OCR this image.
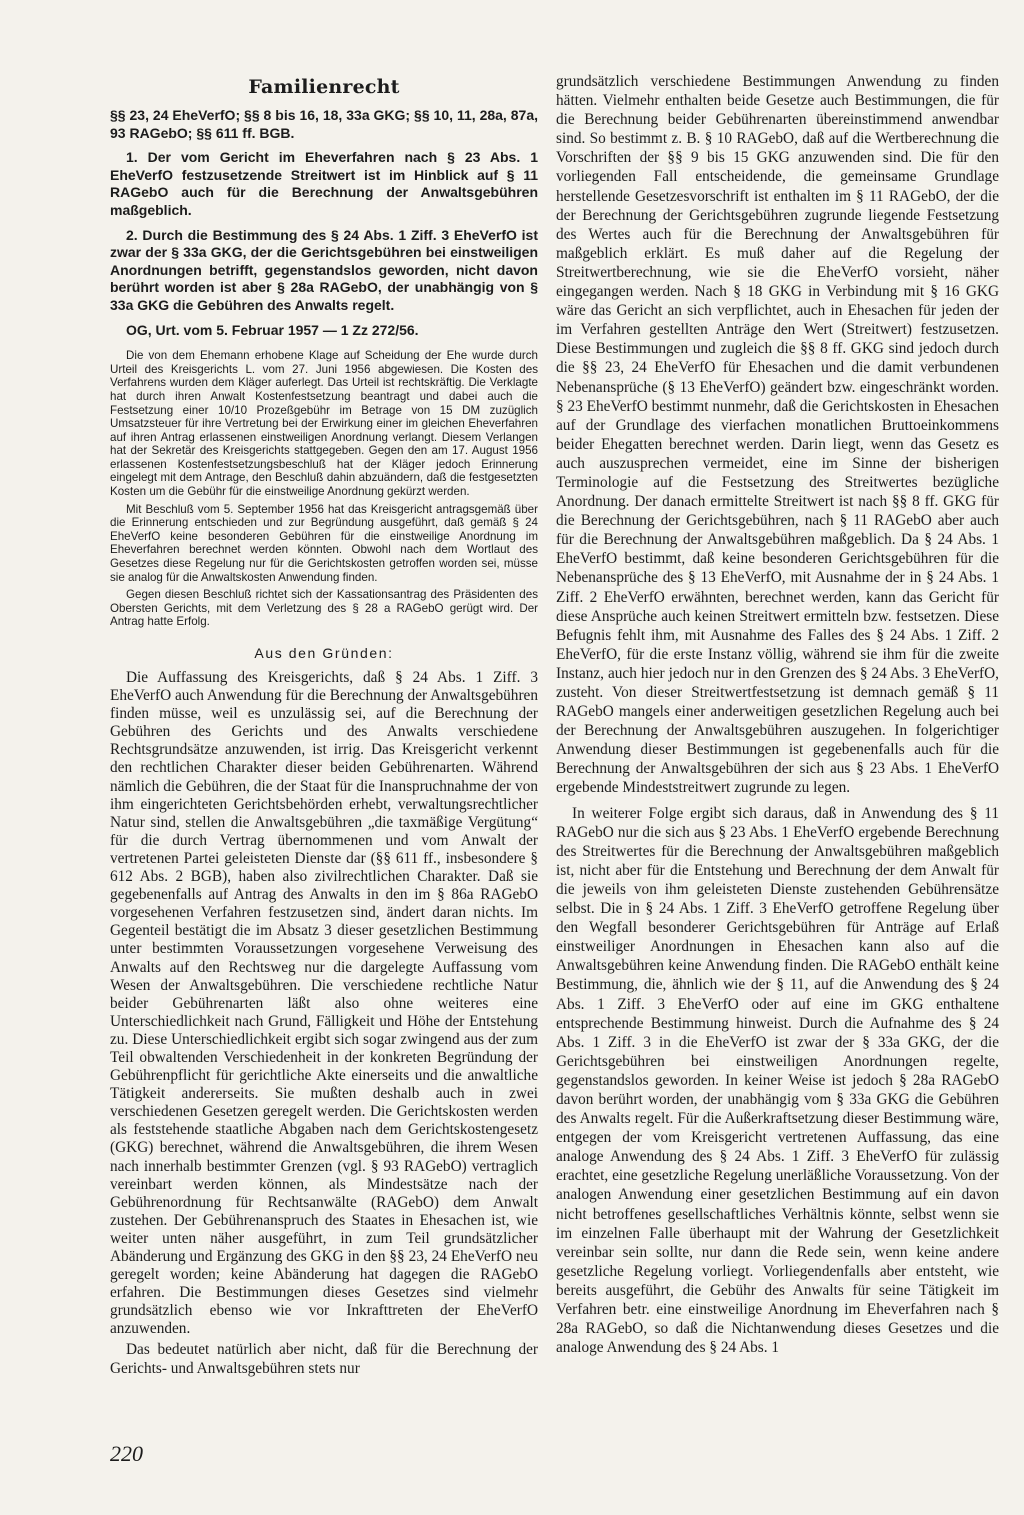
Familienrecht

§§ 23, 24 EheVerfO; §§ 8 bis 16, 18, 33a GKG; §§ 10, 11, 28a, 87a, 93 RAGebO; §§ 611 ff. BGB.

1. Der vom Gericht im Eheverfahren nach § 23 Abs. 1 EheVerfO festzusetzende Streitwert ist im Hinblick auf § 11 RAGebO auch für die Berechnung der Anwaltsgebühren maßgeblich.

2. Durch die Bestimmung des § 24 Abs. 1 Ziff. 3 EheVerfO ist zwar der § 33a GKG, der die Gerichtsgebühren bei einstweiligen Anordnungen betrifft, gegenstandslos geworden, nicht davon berührt worden ist aber § 28a RAGebO, der unabhängig von § 33a GKG die Gebühren des Anwalts regelt.

OG, Urt. vom 5. Februar 1957 — 1 Zz 272/56.

Die von dem Ehemann erhobene Klage auf Scheidung der Ehe wurde durch Urteil des Kreisgerichts L. vom 27. Juni 1956 abgewiesen. Die Kosten des Verfahrens wurden dem Kläger auferlegt. Das Urteil ist rechtskräftig. Die Verklagte hat durch ihren Anwalt Kostenfestsetzung beantragt und dabei auch die Festsetzung einer 10/10 Prozeßgebühr im Betrage von 15 DM zuzüglich Umsatzsteuer für ihre Vertretung bei der Erwirkung einer im gleichen Eheverfahren auf ihren Antrag erlassenen einstweiligen Anordnung verlangt. Diesem Verlangen hat der Sekretär des Kreisgerichts stattgegeben. Gegen den am 17. August 1956 erlassenen Kostenfestsetzungsbeschluß hat der Kläger jedoch Erinnerung eingelegt mit dem Antrage, den Beschluß dahin abzuändern, daß die festgesetzten Kosten um die Gebühr für die einstweilige Anordnung gekürzt werden.

Mit Beschluß vom 5. September 1956 hat das Kreisgericht antragsgemäß über die Erinnerung entschieden und zur Begründung ausgeführt, daß gemäß § 24 EheVerfO keine besonderen Gebühren für die einstweilige Anordnung im Eheverfahren berechnet werden könnten. Obwohl nach dem Wortlaut des Gesetzes diese Regelung nur für die Gerichtskosten getroffen worden sei, müsse sie analog für die Anwaltskosten Anwendung finden.

Gegen diesen Beschluß richtet sich der Kassationsantrag des Präsidenten des Obersten Gerichts, mit dem Verletzung des § 28 a RAGebO gerügt wird. Der Antrag hatte Erfolg.

Aus den Gründen:

Die Auffassung des Kreisgerichts, daß § 24 Abs. 1 Ziff. 3 EheVerfO auch Anwendung für die Berechnung der Anwaltsgebühren finden müsse, weil es unzulässig sei, auf die Berechnung der Gebühren des Gerichts und des Anwalts verschiedene Rechtsgrundsätze anzuwenden, ist irrig. Das Kreisgericht verkennt den rechtlichen Charakter dieser beiden Gebührenarten. Während nämlich die Gebühren, die der Staat für die Inanspruchnahme der von ihm eingerichteten Gerichtsbehörden erhebt, verwaltungsrechtlicher Natur sind, stellen die Anwaltsgebühren „die taxmäßige Vergütung“ für die durch Vertrag übernommenen und vom Anwalt der vertretenen Partei geleisteten Dienste dar (§§ 611 ff., insbesondere § 612 Abs. 2 BGB), haben also zivilrechtlichen Charakter. Daß sie gegebenenfalls auf Antrag des Anwalts in den im § 86a RAGebO vorgesehenen Verfahren festzusetzen sind, ändert daran nichts. Im Gegenteil bestätigt die im Absatz 3 dieser gesetzlichen Bestimmung unter bestimmten Voraussetzungen vorgesehene Verweisung des Anwalts auf den Rechtsweg nur die dargelegte Auffassung vom Wesen der Anwaltsgebühren. Die verschiedene rechtliche Natur beider Gebührenarten läßt also ohne weiteres eine Unterschiedlichkeit nach Grund, Fälligkeit und Höhe der Entstehung zu. Diese Unterschiedlichkeit ergibt sich sogar zwingend aus der zum Teil obwaltenden Verschiedenheit in der konkreten Begründung der Gebührenpflicht für gerichtliche Akte einerseits und die anwaltliche Tätigkeit andererseits. Sie mußten deshalb auch in zwei verschiedenen Gesetzen geregelt werden. Die Gerichtskosten werden als feststehende staatliche Abgaben nach dem Gerichtskostengesetz (GKG) berechnet, während die Anwaltsgebühren, die ihrem Wesen nach innerhalb bestimmter Grenzen (vgl. § 93 RAGebO) vertraglich vereinbart werden können, als Mindestsätze nach der Gebührenordnung für Rechtsanwälte (RAGebO) dem Anwalt zustehen. Der Gebührenanspruch des Staates in Ehesachen ist, wie weiter unten näher ausgeführt, in zum Teil grundsätzlicher Abänderung und Ergänzung des GKG in den §§ 23, 24 EheVerfO neu geregelt worden; keine Abänderung hat dagegen die RAGebO erfahren. Die Bestimmungen dieses Gesetzes sind vielmehr grundsätzlich ebenso wie vor Inkrafttreten der EheVerfO anzuwenden.

Das bedeutet natürlich aber nicht, daß für die Berechnung der Gerichts- und Anwaltsgebühren stets nur

grundsätzlich verschiedene Bestimmungen Anwendung zu finden hätten. Vielmehr enthalten beide Gesetze auch Bestimmungen, die für die Berechnung beider Gebührenarten übereinstimmend anwendbar sind. So bestimmt z. B. § 10 RAGebO, daß auf die Wertberechnung die Vorschriften der §§ 9 bis 15 GKG anzuwenden sind. Die für den vorliegenden Fall entscheidende, die gemeinsame Grundlage herstellende Gesetzesvorschrift ist enthalten im § 11 RAGebO, der die der Berechnung der Gerichtsgebühren zugrunde liegende Festsetzung des Wertes auch für die Berechnung der Anwaltsgebühren für maßgeblich erklärt. Es muß daher auf die Regelung der Streitwertberechnung, wie sie die EheVerfO vorsieht, näher eingegangen werden. Nach § 18 GKG in Verbindung mit § 16 GKG wäre das Gericht an sich verpflichtet, auch in Ehesachen für jeden der im Verfahren gestellten Anträge den Wert (Streitwert) festzusetzen. Diese Bestimmungen und zugleich die §§ 8 ff. GKG sind jedoch durch die §§ 23, 24 EheVerfO für Ehesachen und die damit verbundenen Nebenansprüche (§ 13 EheVerfO) geändert bzw. eingeschränkt worden. § 23 EheVerfO bestimmt nunmehr, daß die Gerichtskosten in Ehesachen auf der Grundlage des vierfachen monatlichen Bruttoeinkommens beider Ehegatten berechnet werden. Darin liegt, wenn das Gesetz es auch auszusprechen vermeidet, eine im Sinne der bisherigen Terminologie auf die Festsetzung des Streitwertes bezügliche Anordnung. Der danach ermittelte Streitwert ist nach §§ 8 ff. GKG für die Berechnung der Gerichtsgebühren, nach § 11 RAGebO aber auch für die Berechnung der Anwaltsgebühren maßgeblich. Da § 24 Abs. 1 EheVerfO bestimmt, daß keine besonderen Gerichtsgebühren für die Nebenansprüche des § 13 EheVerfO, mit Ausnahme der in § 24 Abs. 1 Ziff. 2 EheVerfO erwähnten, berechnet werden, kann das Gericht für diese Ansprüche auch keinen Streitwert ermitteln bzw. festsetzen. Diese Befugnis fehlt ihm, mit Ausnahme des Falles des § 24 Abs. 1 Ziff. 2 EheVerfO, für die erste Instanz völlig, während sie ihm für die zweite Instanz, auch hier jedoch nur in den Grenzen des § 24 Abs. 3 EheVerfO, zusteht. Von dieser Streitwertfestsetzung ist demnach gemäß § 11 RAGebO mangels einer anderweitigen gesetzlichen Regelung auch bei der Berechnung der Anwaltsgebühren auszugehen. In folgerichtiger Anwendung dieser Bestimmungen ist gegebenenfalls auch für die Berechnung der Anwaltsgebühren der sich aus § 23 Abs. 1 EheVerfO ergebende Mindeststreitwert zugrunde zu legen.

In weiterer Folge ergibt sich daraus, daß in Anwendung des § 11 RAGebO nur die sich aus § 23 Abs. 1 EheVerfO ergebende Berechnung des Streitwertes für die Berechnung der Anwaltsgebühren maßgeblich ist, nicht aber für die Entstehung und Berechnung der dem Anwalt für die jeweils von ihm geleisteten Dienste zustehenden Gebührensätze selbst. Die in § 24 Abs. 1 Ziff. 3 EheVerfO getroffene Regelung über den Wegfall besonderer Gerichtsgebühren für Anträge auf Erlaß einstweiliger Anordnungen in Ehesachen kann also auf die Anwaltsgebühren keine Anwendung finden. Die RAGebO enthält keine Bestimmung, die, ähnlich wie der § 11, auf die Anwendung des § 24 Abs. 1 Ziff. 3 EheVerfO oder auf eine im GKG enthaltene entsprechende Bestimmung hinweist. Durch die Aufnahme des § 24 Abs. 1 Ziff. 3 in die EheVerfO ist zwar der § 33a GKG, der die Gerichtsgebühren bei einstweiligen Anordnungen regelte, gegenstandslos geworden. In keiner Weise ist jedoch § 28a RAGebO davon berührt worden, der unabhängig vom § 33a GKG die Gebühren des Anwalts regelt. Für die Außerkraftsetzung dieser Bestimmung wäre, entgegen der vom Kreisgericht vertretenen Auffassung, das eine analoge Anwendung des § 24 Abs. 1 Ziff. 3 EheVerfO für zulässig erachtet, eine gesetzliche Regelung unerläßliche Voraussetzung. Von der analogen Anwendung einer gesetzlichen Bestimmung auf ein davon nicht betroffenes gesellschaftliches Verhältnis könnte, selbst wenn sie im einzelnen Falle überhaupt mit der Wahrung der Gesetzlichkeit vereinbar sein sollte, nur dann die Rede sein, wenn keine andere gesetzliche Regelung vorliegt. Vorliegendenfalls aber entsteht, wie bereits ausgeführt, die Gebühr des Anwalts für seine Tätigkeit im Verfahren betr. eine einstweilige Anordnung im Eheverfahren nach § 28a RAGebO, so daß die Nichtanwendung dieses Gesetzes und die analoge Anwendung des § 24 Abs. 1

220
